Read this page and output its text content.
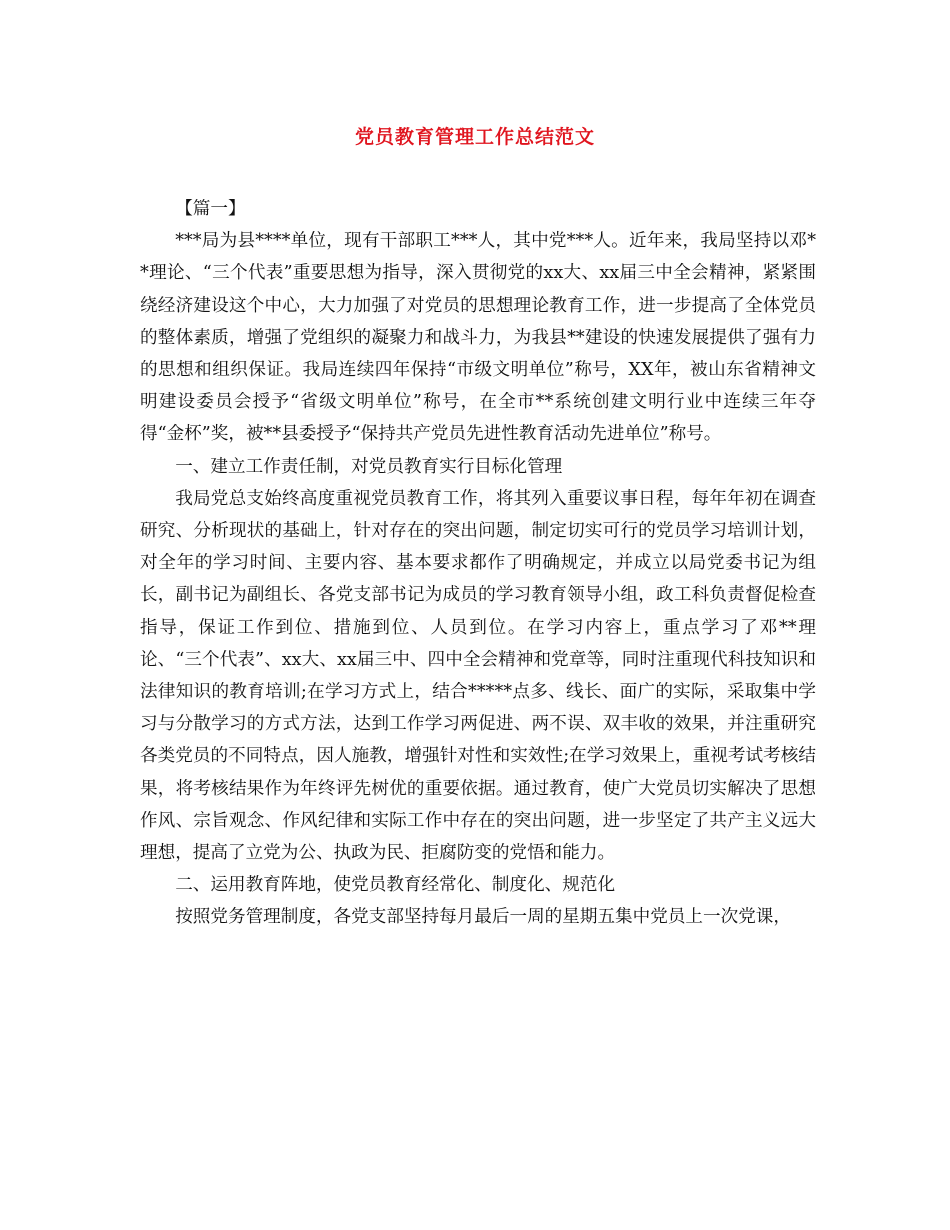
党员教育管理工作总结范文

【篇一】

***局为县****单位，现有干部职工***人，其中党***人。近年来，我局坚持以邓**理论、“三个代表”重要思想为指导，深入贯彻党的xx大、xx届三中全会精神，紧紧围绕经济建设这个中心，大力加强了对党员的思想理论教育工作，进一步提高了全体党员的整体素质，增强了党组织的凝聚力和战斗力，为我县**建设的快速发展提供了强有力的思想和组织保证。我局连续四年保持“市级文明单位”称号，XX年，被山东省精神文明建设委员会授予“省级文明单位”称号，在全市**系统创建文明行业中连续三年夺得“金杯”奖，被**县委授予“保持共产党员先进性教育活动先进单位”称号。

一、建立工作责任制，对党员教育实行目标化管理

我局党总支始终高度重视党员教育工作，将其列入重要议事日程，每年年初在调查研究、分析现状的基础上，针对存在的突出问题，制定切实可行的党员学习培训计划，对全年的学习时间、主要内容、基本要求都作了明确规定，并成立以局党委书记为组长，副书记为副组长、各党支部书记为成员的学习教育领导小组，政工科负责督促检查指导，保证工作到位、措施到位、人员到位。在学习内容上，重点学习了邓**理论、“三个代表”、xx大、xx届三中、四中全会精神和党章等，同时注重现代科技知识和法律知识的教育培训;在学习方式上，结合*****点多、线长、面广的实际，采取集中学习与分散学习的方式方法，达到工作学习两促进、两不误、双丰收的效果，并注重研究各类党员的不同特点，因人施教，增强针对性和实效性;在学习效果上，重视考试考核结果，将考核结果作为年终评先树优的重要依据。通过教育，使广大党员切实解决了思想作风、宗旨观念、作风纪律和实际工作中存在的突出问题，进一步坚定了共产主义远大理想，提高了立党为公、执政为民、拒腐防变的党悟和能力。

二、运用教育阵地，使党员教育经常化、制度化、规范化

按照党务管理制度，各党支部坚持每月最后一周的星期五集中党员上一次党课，
